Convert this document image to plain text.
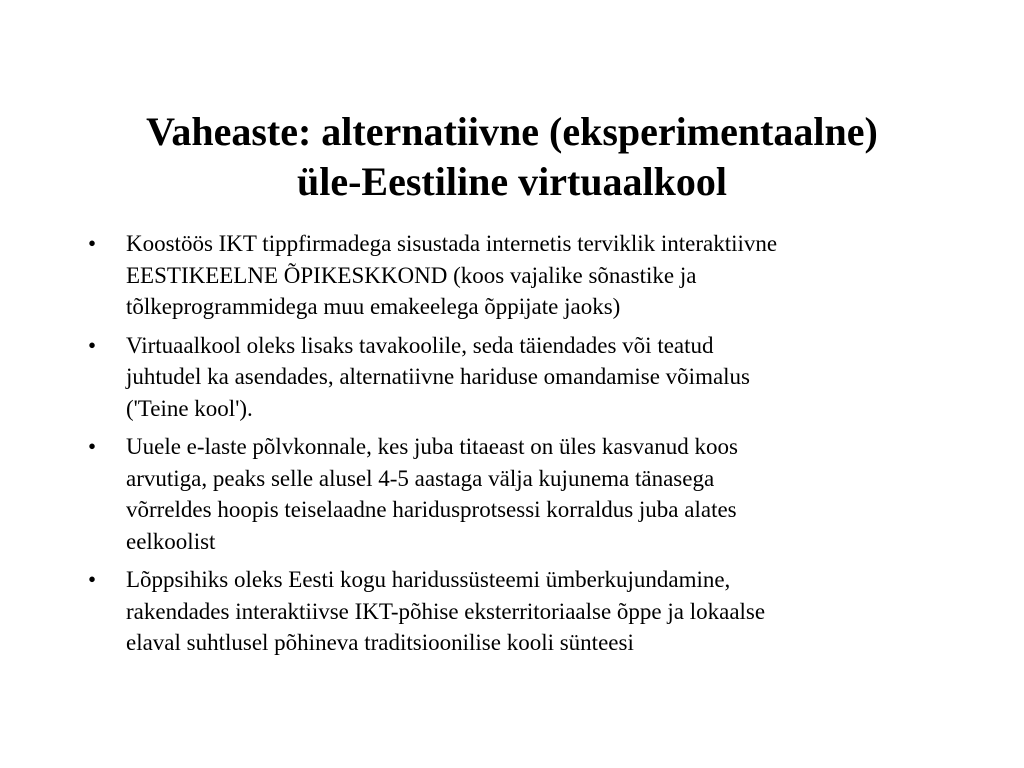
Vaheaste: alternatiivne (eksperimentaalne)
üle-Eestiline virtuaalkool
• Koostöös IKT tippfirmadega sisustada internetis terviklik interaktiivne
EESTIKEELNE ÕPIKESKKOND (koos vajalike sõnastike ja
tõlkeprogrammidega muu emakeelega õppijate jaoks)
• Virtuaalkool oleks lisaks tavakoolile, seda täiendades või teatud
juhtudel ka asendades, alternatiivne hariduse omandamise võimalus
('Teine kool').
• Uuele e-laste põlvkonnale, kes juba titaeast on üles kasvanud koos
arvutiga, peaks selle alusel 4-5 aastaga välja kujunema tänasega
võrreldes hoopis teiselaadne haridusprotsessi korraldus juba alates
eelkoolist
• Lõppsihiks oleks Eesti kogu haridussüsteemi ümberkujundamine,
rakendades interaktiivse IKT-põhise eksterritoriaalse õppe ja lokaalse
elaval suhtlusel põhineva traditsioonilise kooli sünteesi
